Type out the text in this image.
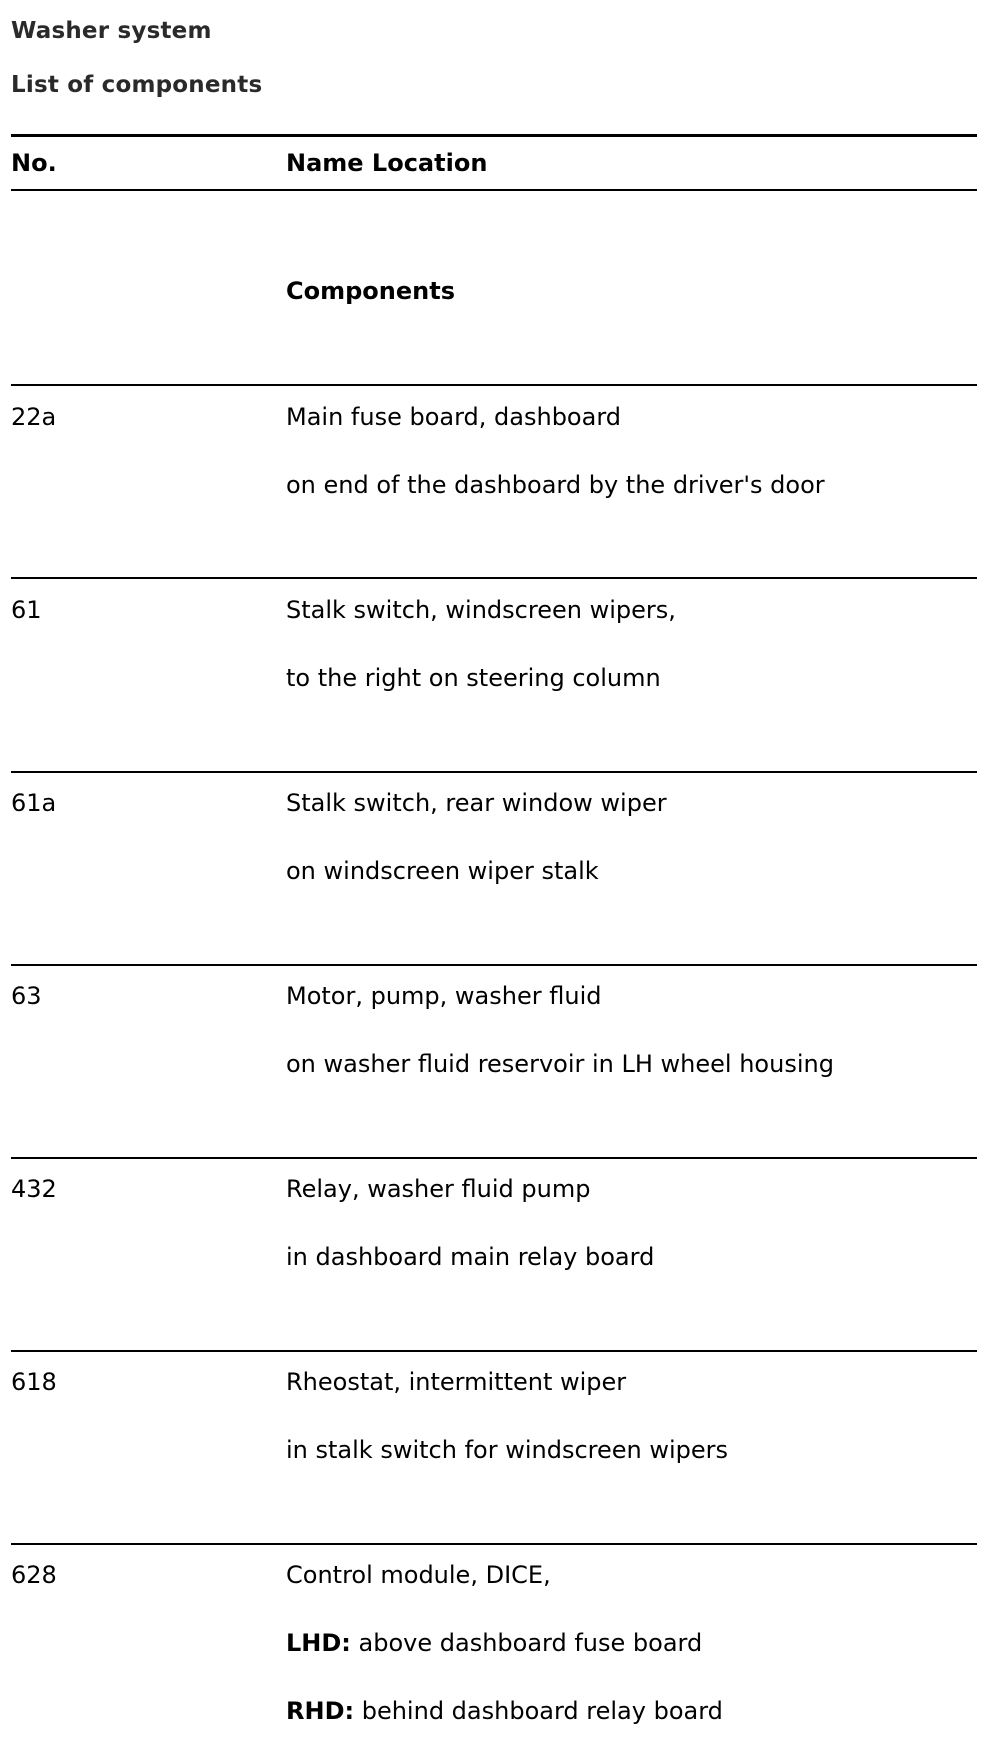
Washer system
List of components
No.	Name Location
Components
22a	Main fuse board, dashboard
on end of the dashboard by the driver's door
61	Stalk switch, windscreen wipers,
to the right on steering column
61a	Stalk switch, rear window wiper
on windscreen wiper stalk
63	Motor, pump, washer fluid
on washer fluid reservoir in LH wheel housing
432	Relay, washer fluid pump
in dashboard main relay board
618	Rheostat, intermittent wiper
in stalk switch for windscreen wipers
628	Control module, DICE,
LHD: above dashboard fuse board
RHD: behind dashboard relay board
